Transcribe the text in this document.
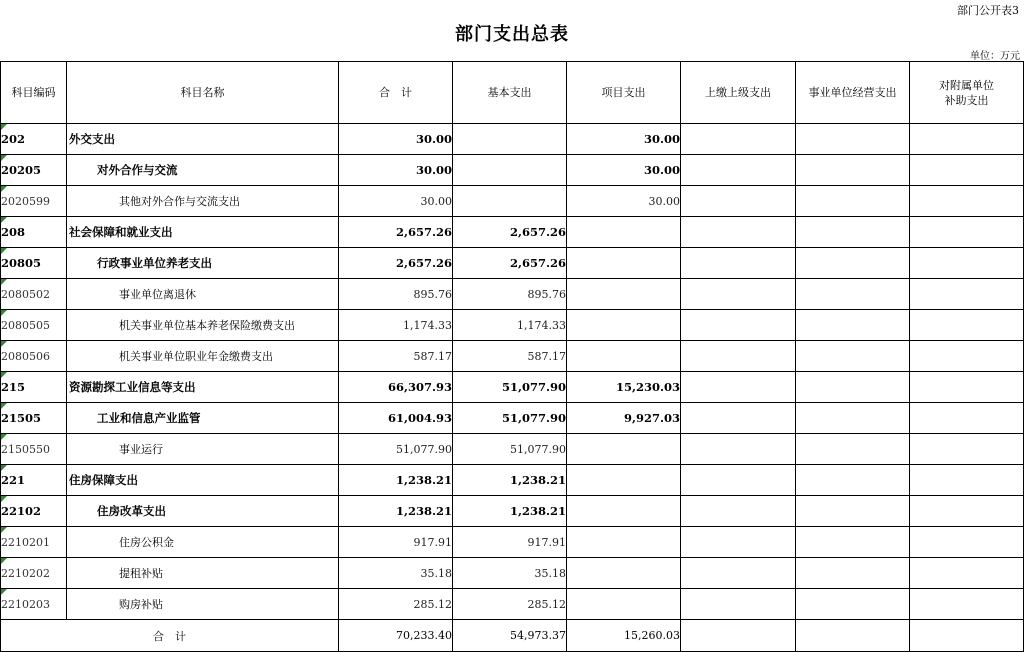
部门公开表3
部门支出总表
单位：万元
科目编码	科目名称	合　计	基本支出	项目支出	上缴上级支出	事业单位经营支出	对附属单位补助支出

202	外交支出	30.00		30.00			

20205	对外合作与交流	30.00		30.00			

2020599	其他对外合作与交流支出	30.00		30.00			

208	社会保障和就业支出	2,657.26	2,657.26				

20805	行政事业单位养老支出	2,657.26	2,657.26				

2080502	事业单位离退休	895.76	895.76				

2080505	机关事业单位基本养老保险缴费支出	1,174.33	1,174.33				

2080506	机关事业单位职业年金缴费支出	587.17	587.17				

215	资源勘探工业信息等支出	66,307.93	51,077.90	15,230.03			

21505	工业和信息产业监管	61,004.93	51,077.90	9,927.03			

2150550	事业运行	51,077.90	51,077.90				

221	住房保障支出	1,238.21	1,238.21				

22102	住房改革支出	1,238.21	1,238.21				

2210201	住房公积金	917.91	917.91				

2210202	提租补贴	35.18	35.18				

2210203	购房补贴	285.12	285.12				
合　计		70,233.40	54,973.37	15,260.03			
